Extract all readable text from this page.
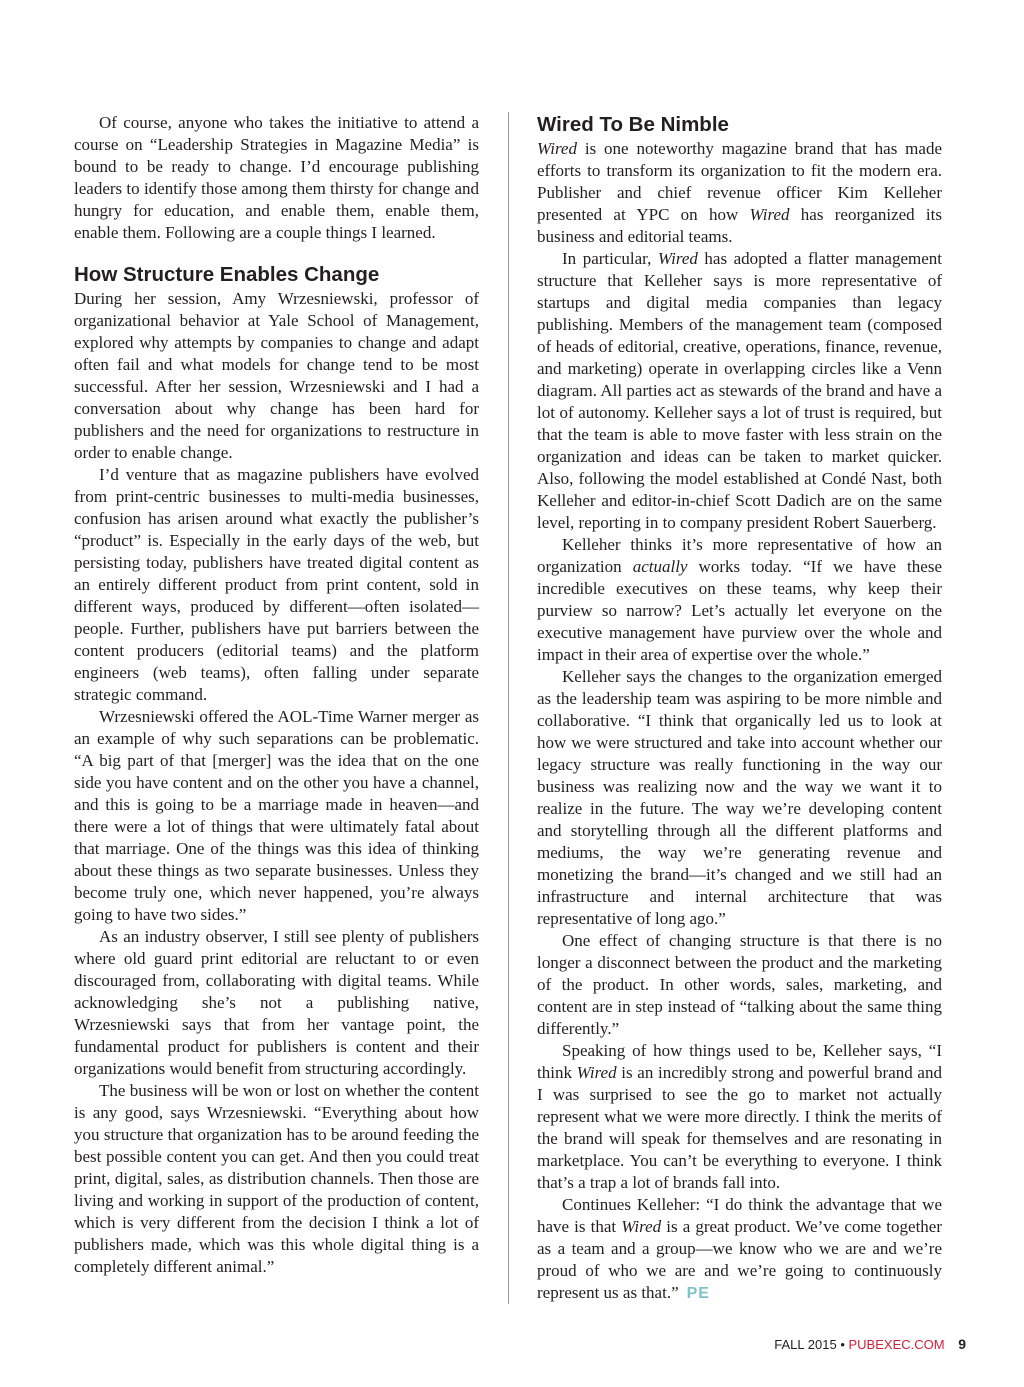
Of course, anyone who takes the initiative to attend a course on “Leadership Strategies in Magazine Media” is bound to be ready to change. I’d encourage publishing leaders to identify those among them thirsty for change and hungry for education, and enable them, enable them, enable them. Following are a couple things I learned.

How Structure Enables Change

During her session, Amy Wrzesniewski, professor of organizational behavior at Yale School of Management, explored why attempts by companies to change and adapt often fail and what models for change tend to be most successful. After her session, Wrzesniewski and I had a conversation about why change has been hard for publishers and the need for organizations to restructure in order to enable change.

I’d venture that as magazine publishers have evolved from print-centric businesses to multi-media businesses, confusion has arisen around what exactly the publisher’s “product” is. Especially in the early days of the web, but persisting today, publishers have treated digital content as an entirely different product from print content, sold in different ways, produced by different—often isolated—people. Further, publishers have put barriers between the content producers (editorial teams) and the platform engineers (web teams), often falling under separate strategic command.

Wrzesniewski offered the AOL-Time Warner merger as an example of why such separations can be problematic. “A big part of that [merger] was the idea that on the one side you have content and on the other you have a channel, and this is going to be a marriage made in heaven—and there were a lot of things that were ultimately fatal about that marriage. One of the things was this idea of thinking about these things as two separate businesses. Unless they become truly one, which never happened, you’re always going to have two sides.”

As an industry observer, I still see plenty of publishers where old guard print editorial are reluctant to or even discouraged from, collaborating with digital teams. While acknowledging she’s not a publishing native, Wrzesniewski says that from her vantage point, the fundamental product for publishers is content and their organizations would benefit from structuring accordingly.

The business will be won or lost on whether the content is any good, says Wrzesniewski. “Everything about how you structure that organization has to be around feeding the best possible content you can get. And then you could treat print, digital, sales, as distribution channels. Then those are living and working in support of the production of content, which is very different from the decision I think a lot of publishers made, which was this whole digital thing is a completely different animal.”

Wired To Be Nimble

Wired is one noteworthy magazine brand that has made efforts to transform its organization to fit the modern era. Publisher and chief revenue officer Kim Kelleher presented at YPC on how Wired has reorganized its business and editorial teams.

In particular, Wired has adopted a flatter management structure that Kelleher says is more representative of startups and digital media companies than legacy publishing. Members of the management team (composed of heads of editorial, creative, operations, finance, revenue, and marketing) operate in overlapping circles like a Venn diagram. All parties act as stewards of the brand and have a lot of autonomy. Kelleher says a lot of trust is required, but that the team is able to move faster with less strain on the organization and ideas can be taken to market quicker. Also, following the model established at Condé Nast, both Kelleher and editor-in-chief Scott Dadich are on the same level, reporting in to company president Robert Sauerberg.

Kelleher thinks it’s more representative of how an organization actually works today. “If we have these incredible executives on these teams, why keep their purview so narrow? Let’s actually let everyone on the executive management have purview over the whole and impact in their area of expertise over the whole.”

Kelleher says the changes to the organization emerged as the leadership team was aspiring to be more nimble and collaborative. “I think that organically led us to look at how we were structured and take into account whether our legacy structure was really functioning in the way our business was realizing now and the way we want it to realize in the future. The way we’re developing content and storytelling through all the different platforms and mediums, the way we’re generating revenue and monetizing the brand—it’s changed and we still had an infrastructure and internal architecture that was representative of long ago.”

One effect of changing structure is that there is no longer a disconnect between the product and the marketing of the product. In other words, sales, marketing, and content are in step instead of “talking about the same thing differently.”

Speaking of how things used to be, Kelleher says, “I think Wired is an incredibly strong and powerful brand and I was surprised to see the go to market not actually represent what we were more directly. I think the merits of the brand will speak for themselves and are resonating in marketplace. You can’t be everything to everyone. I think that’s a trap a lot of brands fall into.

Continues Kelleher: “I do think the advantage that we have is that Wired is a great product. We’ve come together as a team and a group—we know who we are and we’re proud of who we are and we’re going to continuously represent us as that.” PE

FALL 2015 • PUBEXEC.COM 9
